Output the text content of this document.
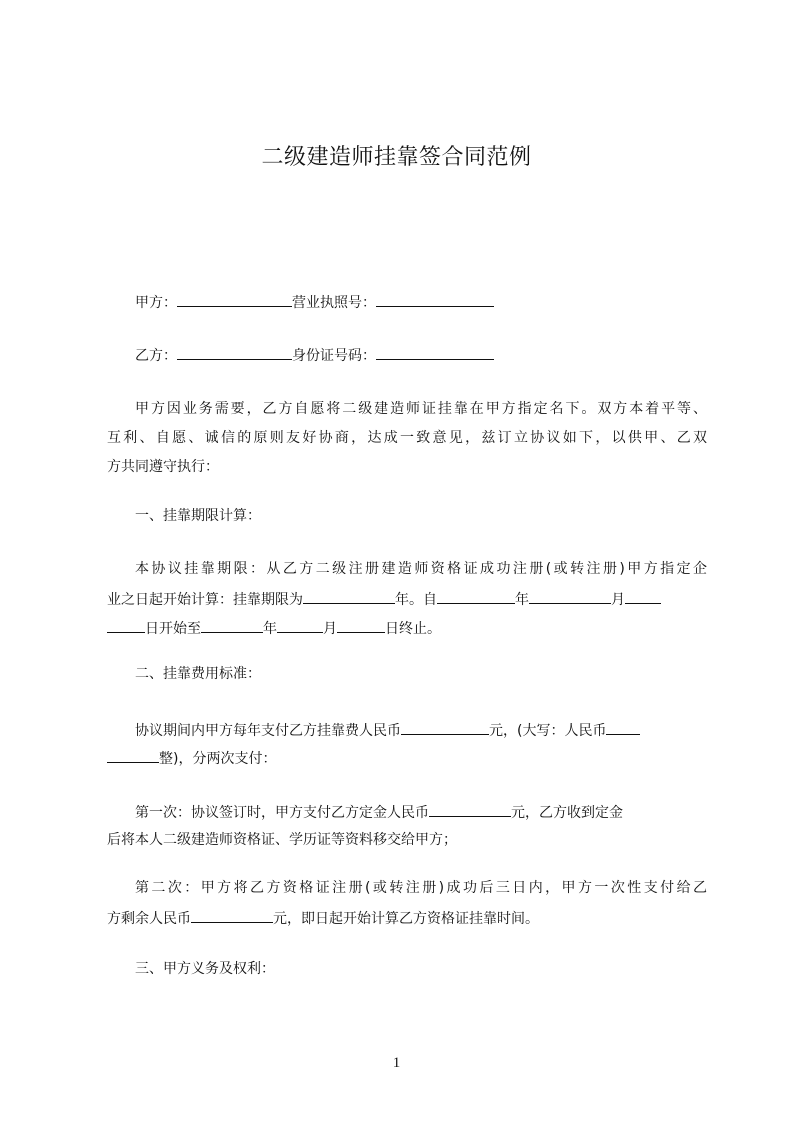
二级建造师挂靠签合同范例
甲方：	营业执照号：
乙方：	身份证号码：
甲方因业务需要，乙方自愿将二级建造师证挂靠在甲方指定名下。双方本着平等、
互利、自愿、诚信的原则友好协商，达成一致意见，兹订立协议如下，以供甲、乙双
方共同遵守执行：
一、挂靠期限计算：
本协议挂靠期限：从乙方二级注册建造师资格证成功注册(或转注册)甲方指定企
业之日起开始计算：挂靠期限为	年。自	年	月
日开始至	年	月	日终止。
二、挂靠费用标准：
协议期间内甲方每年支付乙方挂靠费人民币	元，(大写：人民币
整)，分两次支付：
第一次：协议签订时，甲方支付乙方定金人民币	元，乙方收到定金
后将本人二级建造师资格证、学历证等资料移交给甲方；
第二次：甲方将乙方资格证注册(或转注册)成功后三日内，甲方一次性支付给乙
方剩余人民币	元，即日起开始计算乙方资格证挂靠时间。
三、甲方义务及权利：
1
